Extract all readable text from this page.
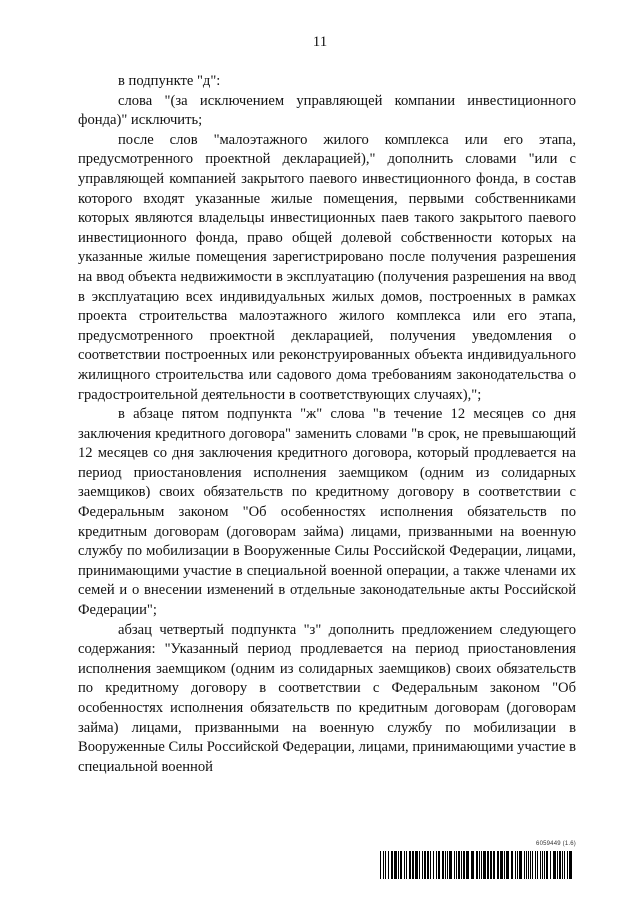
11

в подпункте "д":

слова "(за исключением управляющей компании инвестиционного фонда)" исключить;

после слов "малоэтажного жилого комплекса или его этапа, предусмотренного проектной декларацией)," дополнить словами "или с управляющей компанией закрытого паевого инвестиционного фонда, в состав которого входят указанные жилые помещения, первыми собственниками которых являются владельцы инвестиционных паев такого закрытого паевого инвестиционного фонда, право общей долевой собственности которых на указанные жилые помещения зарегистрировано после получения разрешения на ввод объекта недвижимости в эксплуатацию (получения разрешения на ввод в эксплуатацию всех индивидуальных жилых домов, построенных в рамках проекта строительства малоэтажного жилого комплекса или его этапа, предусмотренного проектной декларацией, получения уведомления о соответствии построенных или реконструированных объекта индивидуального жилищного строительства или садового дома требованиям законодательства о градостроительной деятельности в соответствующих случаях),";

в абзаце пятом подпункта "ж" слова "в течение 12 месяцев со дня заключения кредитного договора" заменить словами "в срок, не превышающий 12 месяцев со дня заключения кредитного договора, который продлевается на период приостановления исполнения заемщиком (одним из солидарных заемщиков) своих обязательств по кредитному договору в соответствии с Федеральным законом "Об особенностях исполнения обязательств по кредитным договорам (договорам займа) лицами, призванными на военную службу по мобилизации в Вооруженные Силы Российской Федерации, лицами, принимающими участие в специальной военной операции, а также членами их семей и о внесении изменений в отдельные законодательные акты Российской Федерации";

абзац четвертый подпункта "з" дополнить предложением следующего содержания: "Указанный период продлевается на период приостановления исполнения заемщиком (одним из солидарных заемщиков) своих обязательств по кредитному договору в соответствии с Федеральным законом "Об особенностях исполнения обязательств по кредитным договорам (договорам займа) лицами, призванными на военную службу по мобилизации в Вооруженные Силы Российской Федерации, лицами, принимающими участие в специальной военной

6059449 (1.6)
